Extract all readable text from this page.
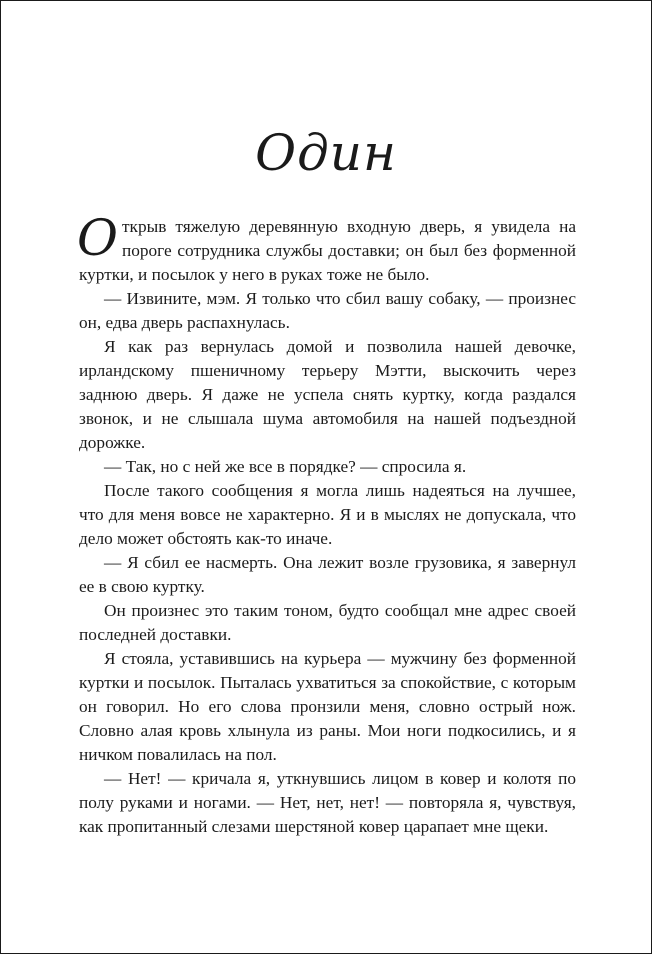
Один

Открыв тяжелую деревянную входную дверь, я увидела на пороге сотрудника службы доставки; он был без форменной куртки, и посылок у него в руках тоже не было.

— Извините, мэм. Я только что сбил вашу собаку, — произнес он, едва дверь распахнулась.

Я как раз вернулась домой и позволила нашей девочке, ирландскому пшеничному терьеру Мэтти, выскочить через заднюю дверь. Я даже не успела снять куртку, когда раздался звонок, и не слышала шума автомобиля на нашей подъездной дорожке.

— Так, но с ней же все в порядке? — спросила я.

После такого сообщения я могла лишь надеяться на лучшее, что для меня вовсе не характерно. Я и в мыслях не допускала, что дело может обстоять как-то иначе.

— Я сбил ее насмерть. Она лежит возле грузовика, я завернул ее в свою куртку.

Он произнес это таким тоном, будто сообщал мне адрес своей последней доставки.

Я стояла, уставившись на курьера — мужчину без форменной куртки и посылок. Пыталась ухватиться за спокойствие, с которым он говорил. Но его слова пронзили меня, словно острый нож. Словно алая кровь хлынула из раны. Мои ноги подкосились, и я ничком повалилась на пол.

— Нет! — кричала я, уткнувшись лицом в ковер и колотя по полу руками и ногами. — Нет, нет, нет! — повторяла я, чувствуя, как пропитанный слезами шерстяной ковер царапает мне щеки.
